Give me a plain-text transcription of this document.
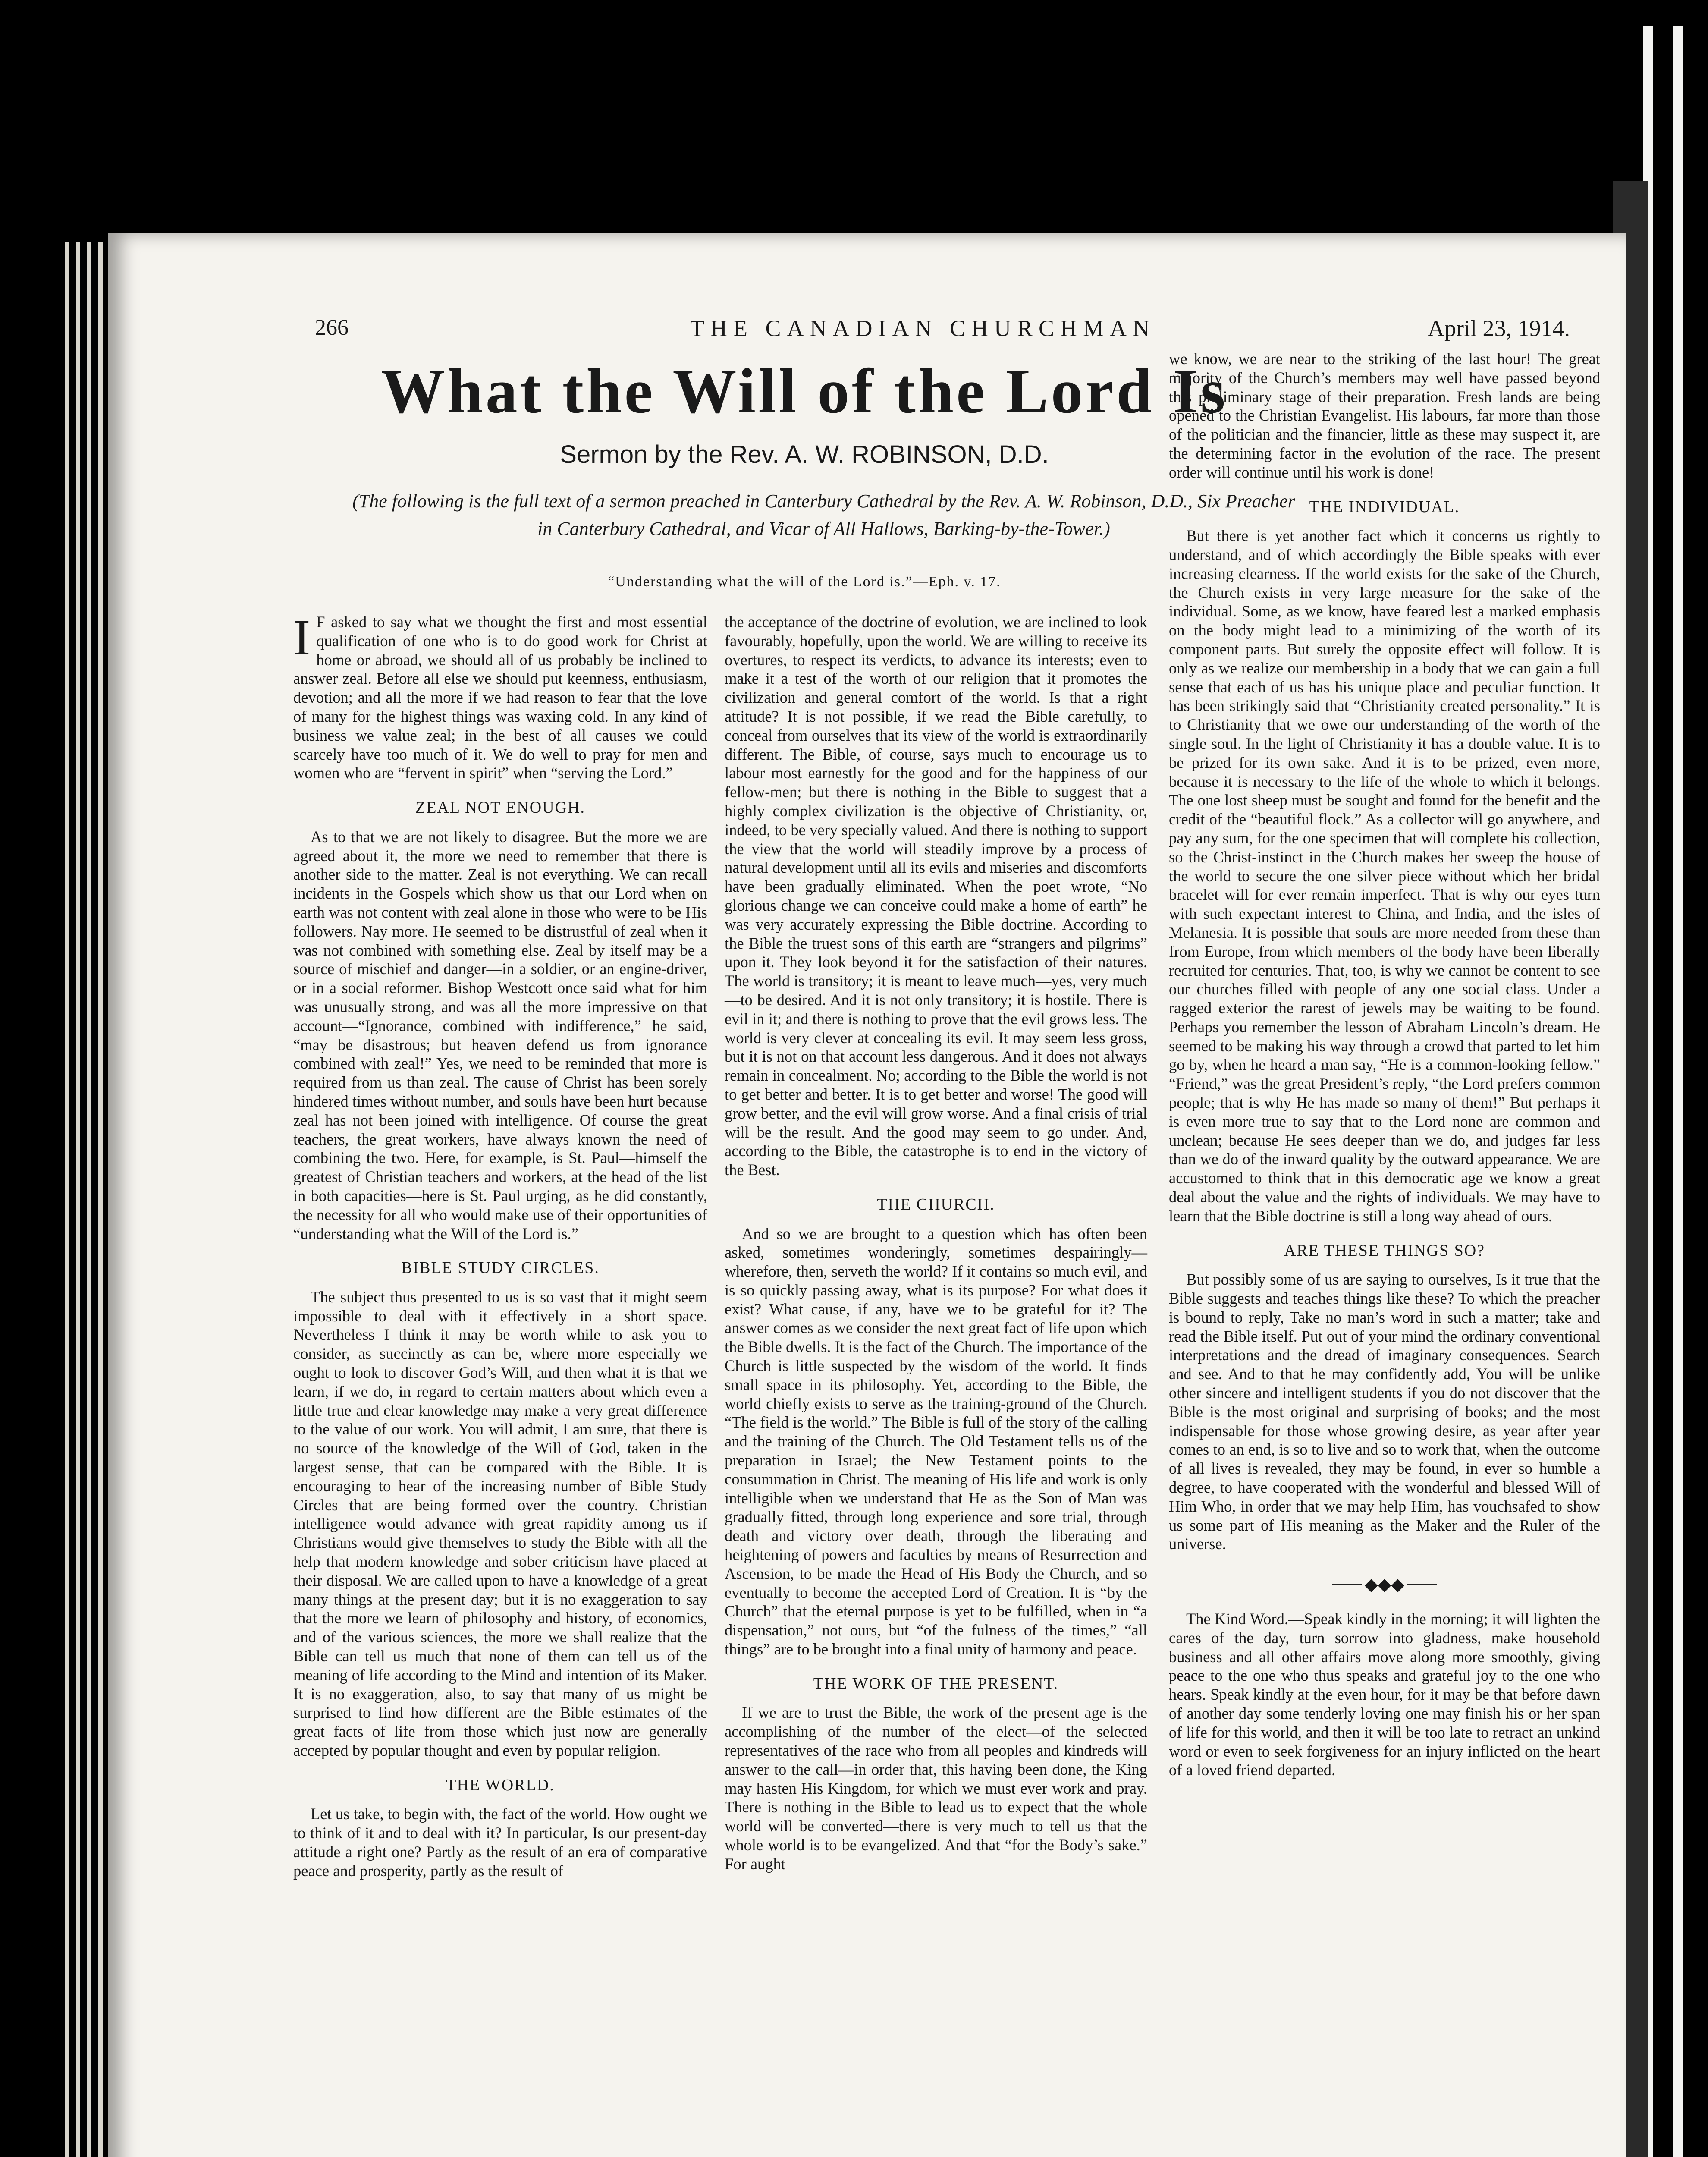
266	THE CANADIAN CHURCHMAN	April 23, 1914.
What the Will of the Lord Is
Sermon by the Rev. A. W. ROBINSON, D.D.
(The following is the full text of a sermon preached in Canterbury Cathedral by the Rev. A. W. Robinson, D.D., Six Preacher in Canterbury Cathedral, and Vicar of All Hallows, Barking-by-the-Tower.)
“Understanding what the will of the Lord is.”—Eph. v. 17.

I F asked to say what we thought the first and most essential qualification of one who is to do good work for Christ at home or abroad, we should all of us probably be inclined to answer zeal. Before all else we should put keenness, enthusiasm, devotion; and all the more if we had reason to fear that the love of many for the highest things was waxing cold. In any kind of business we value zeal; in the best of all causes we could scarcely have too much of it. We do well to pray for men and women who are “fervent in spirit” when “serving the Lord.”

ZEAL NOT ENOUGH.

As to that we are not likely to disagree. But the more we are agreed about it, the more we need to remember that there is another side to the matter. Zeal is not everything. We can recall incidents in the Gospels which show us that our Lord when on earth was not content with zeal alone in those who were to be His followers. Nay more. He seemed to be distrustful of zeal when it was not combined with something else. Zeal by itself may be a source of mischief and danger—in a soldier, or an engine-driver, or in a social reformer. Bishop Westcott once said what for him was unusually strong, and was all the more impressive on that account—“Ignorance, combined with indifference,” he said, “may be disastrous; but heaven defend us from ignorance combined with zeal!” Yes, we need to be reminded that more is required from us than zeal. The cause of Christ has been sorely hindered times without number, and souls have been hurt because zeal has not been joined with intelligence. Of course the great teachers, the great workers, have always known the need of combining the two. Here, for example, is St. Paul—himself the greatest of Christian teachers and workers, at the head of the list in both capacities—here is St. Paul urging, as he did constantly, the necessity for all who would make use of their opportunities of “understanding what the Will of the Lord is.”

BIBLE STUDY CIRCLES.

The subject thus presented to us is so vast that it might seem impossible to deal with it effectively in a short space. Nevertheless I think it may be worth while to ask you to consider, as succinctly as can be, where more especially we ought to look to discover God’s Will, and then what it is that we learn, if we do, in regard to certain matters about which even a little true and clear knowledge may make a very great difference to the value of our work. You will admit, I am sure, that there is no source of the knowledge of the Will of God, taken in the largest sense, that can be compared with the Bible. It is encouraging to hear of the increasing number of Bible Study Circles that are being formed over the country. Christian intelligence would advance with great rapidity among us if Christians would give themselves to study the Bible with all the help that modern knowledge and sober criticism have placed at their disposal. We are called upon to have a knowledge of a great many things at the present day; but it is no exaggeration to say that the more we learn of philosophy and history, of economics, and of the various sciences, the more we shall realize that the Bible can tell us much that none of them can tell us of the meaning of life according to the Mind and intention of its Maker. It is no exaggeration, also, to say that many of us might be surprised to find how different are the Bible estimates of the great facts of life from those which just now are generally accepted by popular thought and even by popular religion.

THE WORLD.

Let us take, to begin with, the fact of the world. How ought we to think of it and to deal with it? In particular, Is our present-day attitude a right one? Partly as the result of an era of comparative peace and prosperity, partly as the result of

the acceptance of the doctrine of evolution, we are inclined to look favourably, hopefully, upon the world. We are willing to receive its overtures, to respect its verdicts, to advance its interests; even to make it a test of the worth of our religion that it promotes the civilization and general comfort of the world. Is that a right attitude? It is not possible, if we read the Bible carefully, to conceal from ourselves that its view of the world is extraordinarily different. The Bible, of course, says much to encourage us to labour most earnestly for the good and for the happiness of our fellow-men; but there is nothing in the Bible to suggest that a highly complex civilization is the objective of Christianity, or, indeed, to be very specially valued. And there is nothing to support the view that the world will steadily improve by a process of natural development until all its evils and miseries and discomforts have been gradually eliminated. When the poet wrote, “No glorious change we can conceive could make a home of earth” he was very accurately expressing the Bible doctrine. According to the Bible the truest sons of this earth are “strangers and pilgrims” upon it. They look beyond it for the satisfaction of their natures. The world is transitory; it is meant to leave much—yes, very much—to be desired. And it is not only transitory; it is hostile. There is evil in it; and there is nothing to prove that the evil grows less. The world is very clever at concealing its evil. It may seem less gross, but it is not on that account less dangerous. And it does not always remain in concealment. No; according to the Bible the world is not to get better and better. It is to get better and worse! The good will grow better, and the evil will grow worse. And a final crisis of trial will be the result. And the good may seem to go under. And, according to the Bible, the catastrophe is to end in the victory of the Best.

THE CHURCH.

And so we are brought to a question which has often been asked, sometimes wonderingly, sometimes despairingly—wherefore, then, serveth the world? If it contains so much evil, and is so quickly passing away, what is its purpose? For what does it exist? What cause, if any, have we to be grateful for it? The answer comes as we consider the next great fact of life upon which the Bible dwells. It is the fact of the Church. The importance of the Church is little suspected by the wisdom of the world. It finds small space in its philosophy. Yet, according to the Bible, the world chiefly exists to serve as the training-ground of the Church. “The field is the world.” The Bible is full of the story of the calling and the training of the Church. The Old Testament tells us of the preparation in Israel; the New Testament points to the consummation in Christ. The meaning of His life and work is only intelligible when we understand that He as the Son of Man was gradually fitted, through long experience and sore trial, through death and victory over death, through the liberating and heightening of powers and faculties by means of Resurrection and Ascension, to be made the Head of His Body the Church, and so eventually to become the accepted Lord of Creation. It is “by the Church” that the eternal purpose is yet to be fulfilled, when in “a dispensation,” not ours, but “of the fulness of the times,” “all things” are to be brought into a final unity of harmony and peace.

THE WORK OF THE PRESENT.

If we are to trust the Bible, the work of the present age is the accomplishing of the number of the elect—of the selected representatives of the race who from all peoples and kindreds will answer to the call—in order that, this having been done, the King may hasten His Kingdom, for which we must ever work and pray. There is nothing in the Bible to lead us to expect that the whole world will be converted—there is very much to tell us that the whole world is to be evangelized. And that “for the Body’s sake.” For aught

we know, we are near to the striking of the last hour! The great majority of the Church’s members may well have passed beyond this preliminary stage of their preparation. Fresh lands are being opened to the Christian Evangelist. His labours, far more than those of the politician and the financier, little as these may suspect it, are the determining factor in the evolution of the race. The present order will continue until his work is done!

THE INDIVIDUAL.

But there is yet another fact which it concerns us rightly to understand, and of which accordingly the Bible speaks with ever increasing clearness. If the world exists for the sake of the Church, the Church exists in very large measure for the sake of the individual. Some, as we know, have feared lest a marked emphasis on the body might lead to a minimizing of the worth of its component parts. But surely the opposite effect will follow. It is only as we realize our membership in a body that we can gain a full sense that each of us has his unique place and peculiar function. It has been strikingly said that “Christianity created personality.” It is to Christianity that we owe our understanding of the worth of the single soul. In the light of Christianity it has a double value. It is to be prized for its own sake. And it is to be prized, even more, because it is necessary to the life of the whole to which it belongs. The one lost sheep must be sought and found for the benefit and the credit of the “beautiful flock.” As a collector will go anywhere, and pay any sum, for the one specimen that will complete his collection, so the Christ-instinct in the Church makes her sweep the house of the world to secure the one silver piece without which her bridal bracelet will for ever remain imperfect. That is why our eyes turn with such expectant interest to China, and India, and the isles of Melanesia. It is possible that souls are more needed from these than from Europe, from which members of the body have been liberally recruited for centuries. That, too, is why we cannot be content to see our churches filled with people of any one social class. Under a ragged exterior the rarest of jewels may be waiting to be found. Perhaps you remember the lesson of Abraham Lincoln’s dream. He seemed to be making his way through a crowd that parted to let him go by, when he heard a man say, “He is a common-looking fellow.” “Friend,” was the great President’s reply, “the Lord prefers common people; that is why He has made so many of them!” But perhaps it is even more true to say that to the Lord none are common and unclean; because He sees deeper than we do, and judges far less than we do of the inward quality by the outward appearance. We are accustomed to think that in this democratic age we know a great deal about the value and the rights of individuals. We may have to learn that the Bible doctrine is still a long way ahead of ours.

ARE THESE THINGS SO?

But possibly some of us are saying to ourselves, Is it true that the Bible suggests and teaches things like these? To which the preacher is bound to reply, Take no man’s word in such a matter; take and read the Bible itself. Put out of your mind the ordinary conventional interpretations and the dread of imaginary consequences. Search and see. And to that he may confidently add, You will be unlike other sincere and intelligent students if you do not discover that the Bible is the most original and surprising of books; and the most indispensable for those whose growing desire, as year after year comes to an end, is so to live and so to work that, when the outcome of all lives is revealed, they may be found, in ever so humble a degree, to have cooperated with the wonderful and blessed Will of Him Who, in order that we may help Him, has vouchsafed to show us some part of His meaning as the Maker and the Ruler of the universe.

◆◆◆

The Kind Word.—Speak kindly in the morning; it will lighten the cares of the day, turn sorrow into gladness, make household business and all other affairs move along more smoothly, giving peace to the one who thus speaks and grateful joy to the one who hears. Speak kindly at the even hour, for it may be that before dawn of another day some tenderly loving one may finish his or her span of life for this world, and then it will be too late to retract an unkind word or even to seek forgiveness for an injury inflicted on the heart of a loved friend departed.
